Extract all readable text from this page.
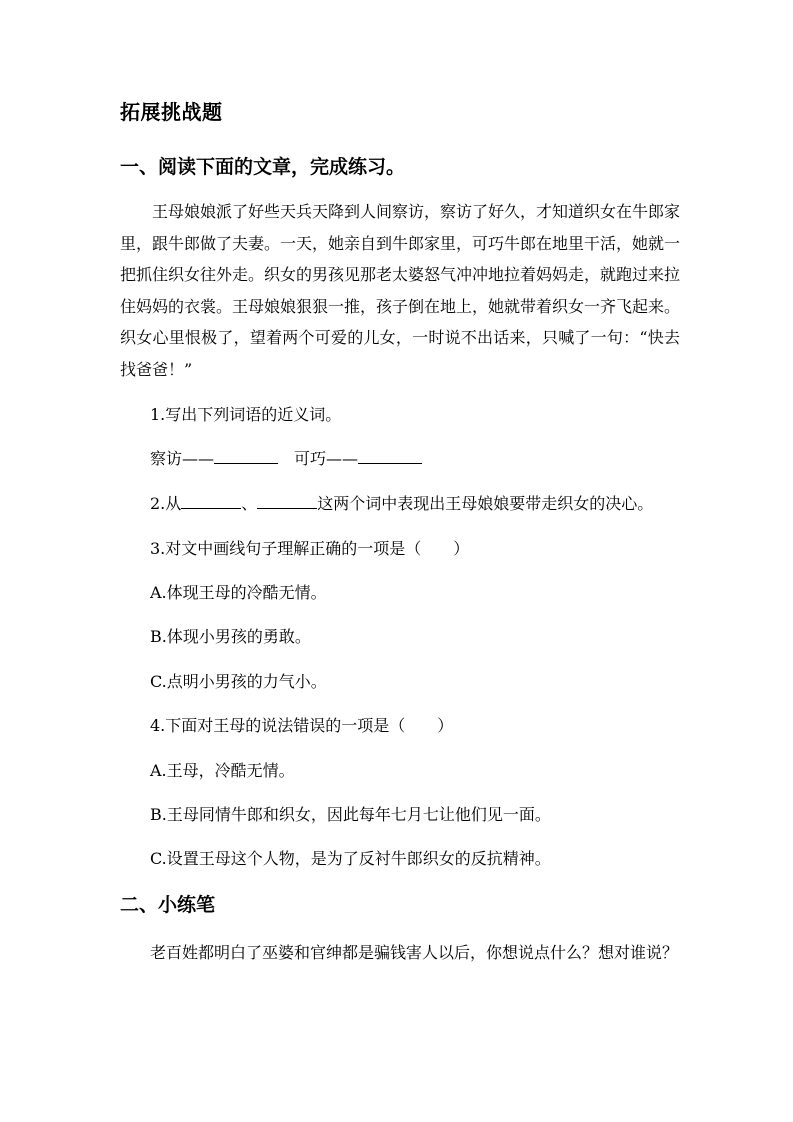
拓展挑战题
一、阅读下面的文章，完成练习。
王母娘娘派了好些天兵天降到人间察访，察访了好久，才知道织女在牛郎家里，跟牛郎做了夫妻。一天，她亲自到牛郎家里，可巧牛郎在地里干活，她就一把抓住织女往外走。织女的男孩见那老太婆怒气冲冲地拉着妈妈走，就跑过来拉住妈妈的衣裳。王母娘娘狠狠一推，孩子倒在地上，她就带着织女一齐飞起来。织女心里恨极了，望着两个可爱的儿女，一时说不出话来，只喊了一句：“快去找爸爸！”
1.写出下列词语的近义词。
察访——	可巧——
2.从	、	这两个词中表现出王母娘娘要带走织女的决心。
3.对文中画线句子理解正确的一项是（　　）
A.体现王母的冷酷无情。
B.体现小男孩的勇敢。
C.点明小男孩的力气小。
4.下面对王母的说法错误的一项是（　　）
A.王母，冷酷无情。
B.王母同情牛郎和织女，因此每年七月七让他们见一面。
C.设置王母这个人物，是为了反衬牛郎织女的反抗精神。
二、小练笔
老百姓都明白了巫婆和官绅都是骗钱害人以后，你想说点什么？想对谁说？
